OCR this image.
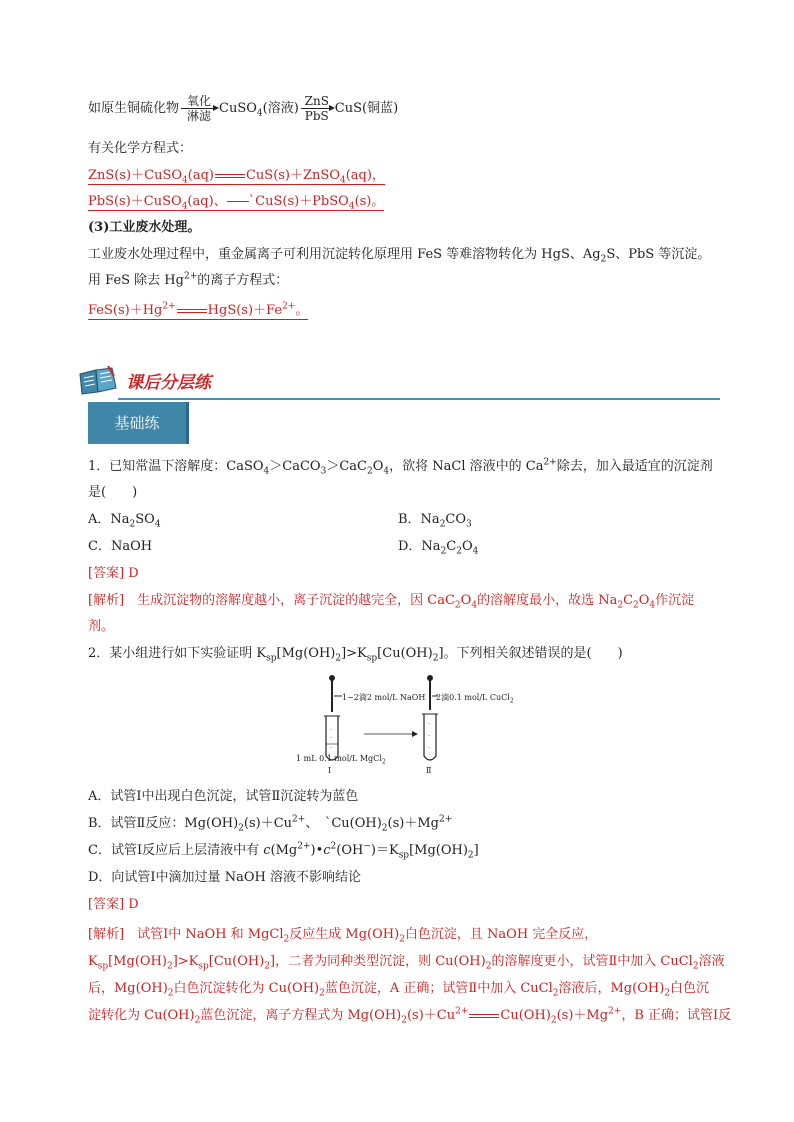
如原生铜硫化物 氧化
淋滤 CuSO$_4$(溶液) ZnS
PbS CuS(铜蓝)
有关化学方程式：
ZnS(s)＋CuSO$_4$(aq) CuS(s)＋ZnSO$_4$(aq)，
PbS(s)＋CuSO$_4$(aq)、 `CuS(s)＋PbSO$_4$(s)。
(3)工业废水处理。
工业废水处理过程中，重金属离子可利用沉淀转化原理用 FeS 等难溶物转化为 HgS、$Ag_2S$、PbS 等沉淀。
用 FeS 除去 $Hg^{2+}$的离子方程式：
$FeS(s)+Hg^{2+}$ $HgS(s)+Fe^{2+}$。
课后分层练
基础练
1．已知常温下溶解度：$CaSO_4>CaCO_3>CaC_2O_4$，欲将 NaCl 溶液中的 $Ca^{2+}$除去，加入最适宜的沉淀剂
是(　　)
A．$Na_2SO_4$	B．$Na_2CO_3$
C．NaOH	D．$Na_2C_2O_4$
[答案] D
[解析]　生成沉淀物的溶解度越小，离子沉淀的越完全，因 $CaC_2O_4$的溶解度最小，故选 $Na_2C_2O_4$作沉淀
剂。
2．某小组进行如下实验证明 $K_{sp}[Mg(OH)_2]>K_{sp}[Cu(OH)_2]$。下列相关叙述错误的是(　　)
·
·
·
·
·
·
1~2滴2 mol/L NaOH 2滴0.1 mol/L CuCl$_2$
1 mL 0.1 mol/L MgCl$_2$
Ⅰ	Ⅱ
A．试管Ⅰ中出现白色沉淀，试管Ⅱ沉淀转为蓝色
B．试管Ⅱ反应：$Mg(OH)_2(s)+Cu^{2+}$、　$`Cu(OH)_2(s)+Mg^{2+}$
C．试管Ⅰ反应后上层清液中有 $c(Mg^{2+})•c^2(OH^-)=K_{sp}[Mg(OH)_2]$
D．向试管Ⅰ中滴加过量 NaOH 溶液不影响结论
[答案] D
[解析]　试管Ⅰ中 NaOH 和 MgCl$_2$反应生成 $Mg(OH)_2$白色沉淀，且 NaOH 完全反应，
$K_{sp}[Mg(OH)_2]>K_{sp}[Cu(OH)_2]$，二者为同种类型沉淀，则 $Cu(OH)_2$的溶解度更小，试管Ⅱ中加入 CuCl$_2$溶液
后，$Mg(OH)_2$白色沉淀转化为 $Cu(OH)_2$蓝色沉淀，A 正确；试管Ⅱ中加入 CuCl$_2$溶液后，$Mg(OH)_2$白色沉
淀转化为 $Cu(OH)_2$蓝色沉淀，离子方程式为 $Mg(OH)_2(s)+Cu^{2+}$ $Cu(OH)_2(s)+Mg^{2+}$，B 正确；试管Ⅰ反
